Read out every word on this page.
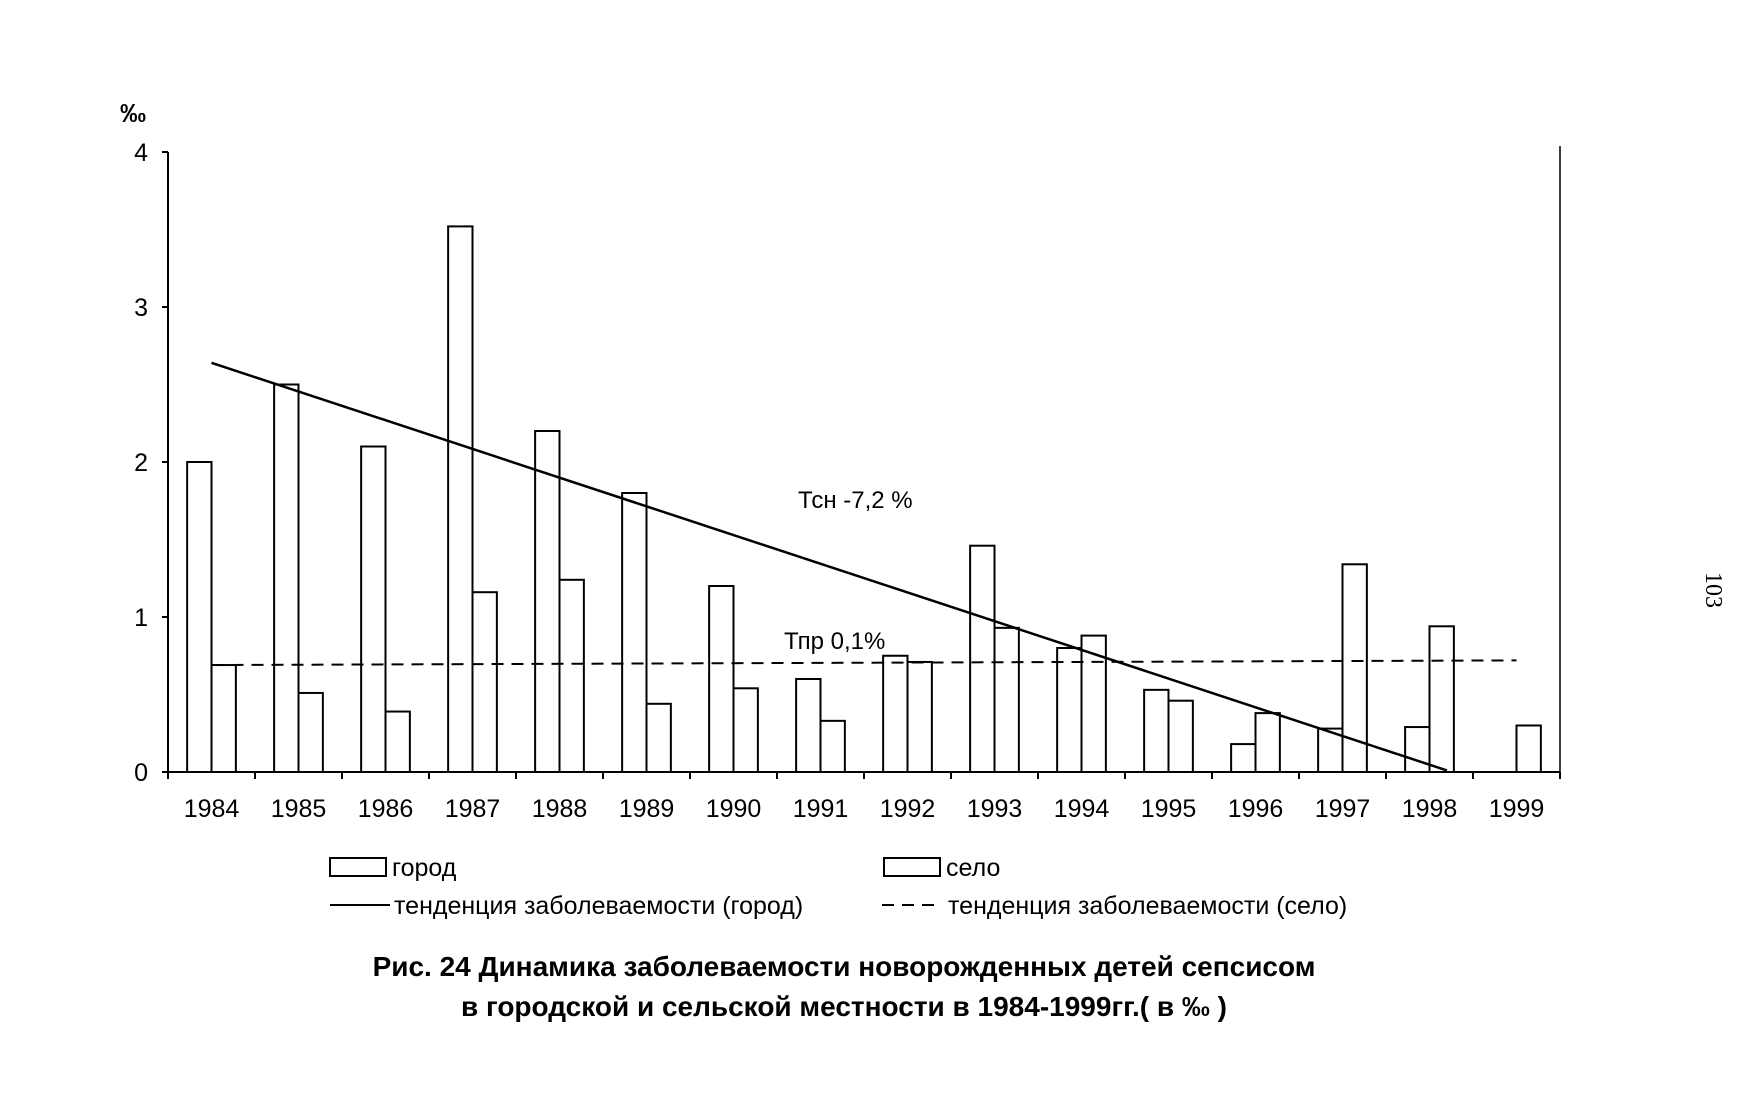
0
1
2
3
4
1984 1985 1986 1987 1988 1989 1990 1991 1992 1993 1994 1995 1996 1997 1998 1999
‰
Тсн -7,2 %
Тпр 0,1%
город	село
тенденция заболеваемости (город)	тенденция заболеваемости (село)
Рис. 24 Динамика заболеваемости новорожденных детей сепсисом
в городской и сельской местности в 1984-1999гг.( в ‰ )
103
